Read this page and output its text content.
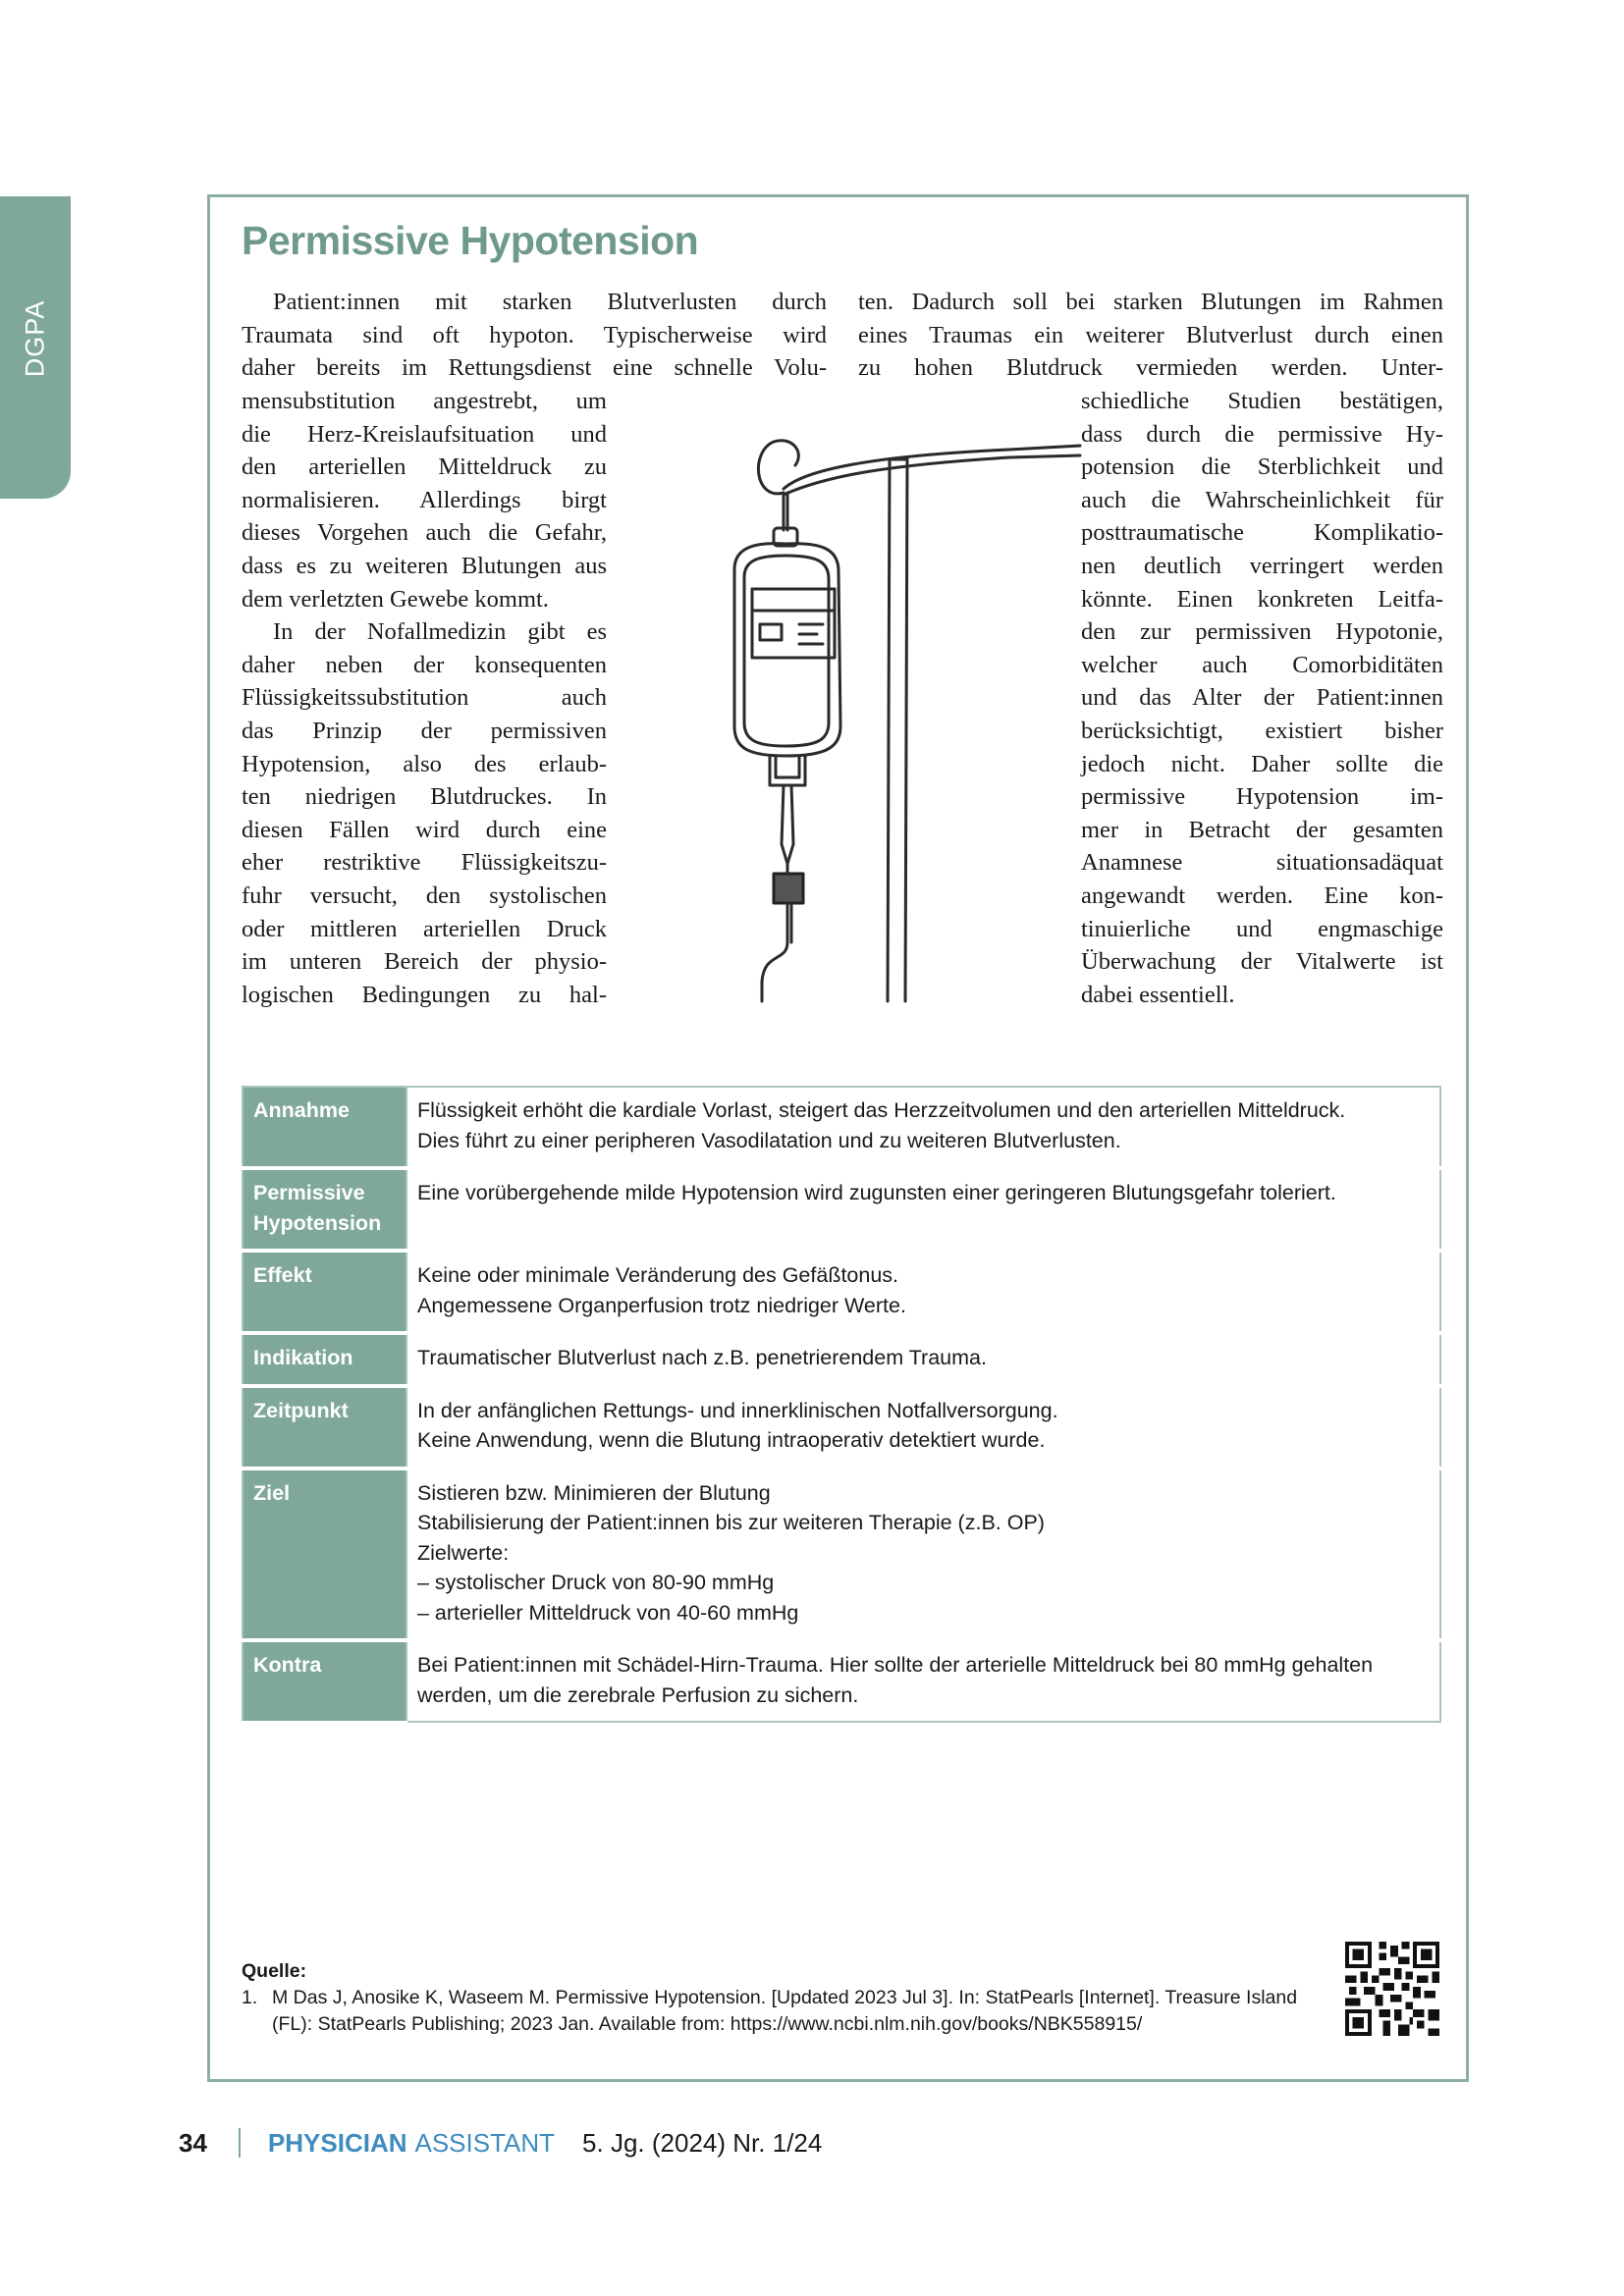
DGPA
Permissive Hypotension
Patient:innen mit starken Blutverlusten durch
Traumata sind oft hypoton. Typischerweise wird
daher bereits im Rettungsdienst eine schnelle Volu-
mensubstitution angestrebt, um
die Herz-Kreislaufsituation und
den arteriellen Mitteldruck zu
normalisieren. Allerdings birgt
dieses Vorgehen auch die Gefahr,
dass es zu weiteren Blutungen aus
dem verletzten Gewebe kommt.
In der Nofallmedizin gibt es
daher neben der konsequenten
Flüssigkeitssubstitution auch
das Prinzip der permissiven
Hypotension, also des erlaub-
ten niedrigen Blutdruckes. In
diesen Fällen wird durch eine
eher restriktive Flüssigkeitszu-
fuhr versucht, den systolischen
oder mittleren arteriellen Druck
im unteren Bereich der physio-
logischen Bedingungen zu hal-
ten. Dadurch soll bei starken Blutungen im Rahmen
eines Traumas ein weiterer Blutverlust durch einen
zu hohen Blutdruck vermieden werden. Unter-
schiedliche Studien bestätigen,
dass durch die permissive Hy-
potension die Sterblichkeit und
auch die Wahrscheinlichkeit für
posttraumatische Komplikatio-
nen deutlich verringert werden
könnte. Einen konkreten Leitfa-
den zur permissiven Hypotonie,
welcher auch Comorbiditäten
und das Alter der Patient:innen
berücksichtigt, existiert bisher
jedoch nicht. Daher sollte die
permissive Hypotension im-
mer in Betracht der gesamten
Anamnese situationsadäquat
angewandt werden. Eine kon-
tinuierliche und engmaschige
Überwachung der Vitalwerte ist
dabei essentiell.
Annahme	Flüssigkeit erhöht die kardiale Vorlast, steigert das Herzzeitvolumen und den arteriellen Mitteldruck.
Dies führt zu einer peripheren Vasodilatation und zu weiteren Blutverlusten.

Permissive Hypotension	Eine vorübergehende milde Hypotension wird zugunsten einer geringeren Blutungsgefahr toleriert.

Effekt	Keine oder minimale Veränderung des Gefäßtonus.
Angemessene Organperfusion trotz niedriger Werte.

Indikation	Traumatischer Blutverlust nach z.B. penetrierendem Trauma.

Zeitpunkt	In der anfänglichen Rettungs- und innerklinischen Notfallversorgung.
Keine Anwendung, wenn die Blutung intraoperativ detektiert wurde.

Ziel	Sistieren bzw. Minimieren der Blutung
Stabilisierung der Patient:innen bis zur weiteren Therapie (z.B. OP)
Zielwerte:
– systolischer Druck von 80-90 mmHg
– arterieller Mitteldruck von 40-60 mmHg

Kontra	Bei Patient:innen mit Schädel-Hirn-Trauma. Hier sollte der arterielle Mitteldruck bei 80 mmHg gehalten
werden, um die zerebrale Perfusion zu sichern.
Quelle:
1. M Das J, Anosike K, Waseem M. Permissive Hypotension. [Updated 2023 Jul 3]. In: StatPearls [Internet]. Treasure Island (FL): StatPearls Publishing; 2023 Jan. Available from: https://www.ncbi.nlm.nih.gov/books/NBK558915/
34 PHYSICIAN ASSISTANT 5. Jg. (2024) Nr. 1/24
